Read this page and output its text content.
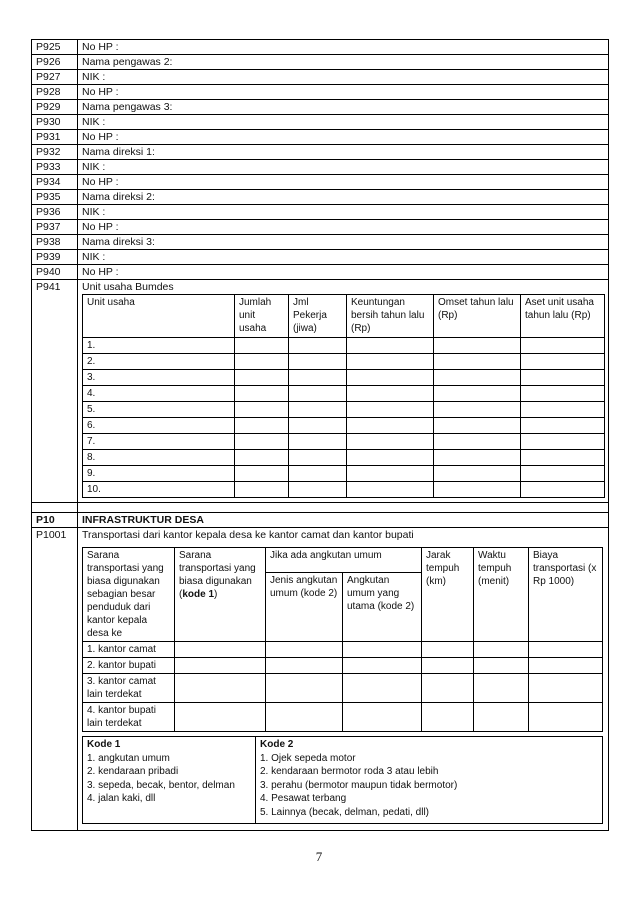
P925	No HP :
P926	Nama pengawas 2:
P927	NIK :
P928	No HP :
P929	Nama pengawas 3:
P930	NIK :
P931	No HP :
P932	Nama direksi 1:
P933	NIK :
P934	No HP :
P935	Nama direksi 2:
P936	NIK :
P937	No HP :
P938	Nama direksi 3:
P939	NIK :
P940	No HP :
P941	Unit usaha Bumdes
Unit usaha	Jumlah unit usaha	Jml Pekerja (jiwa)	Keuntungan bersih tahun lalu (Rp)	Omset tahun lalu (Rp)	Aset unit usaha tahun lalu (Rp)
1.					
2.					
3.					
4.					
5.					
6.					
7.					
8.					
9.					
10.					
P10	INFRASTRUKTUR DESA
P1001	Transportasi dari kantor kepala desa ke kantor camat dan kantor bupati
Sarana transportasi yang biasa digunakan sebagian besar penduduk dari kantor kepala desa ke	Sarana transportasi yang biasa digunakan (kode 1)	Jika ada angkutan umum		Jarak tempuh (km)	Waktu tempuh (menit)	Biaya transportasi (x Rp 1000)
		Jenis angkutan umum (kode 2)	Angkutan umum yang utama (kode 2)			
1. kantor camat						
2. kantor bupati						
3. kantor camat lain terdekat						
4. kantor bupati lain terdekat						
Kode 1
1. angkutan umum
2. kendaraan pribadi
3. sepeda, becak, bentor, delman
4. jalan kaki, dll

Kode 2
1. Ojek sepeda motor
2. kendaraan bermotor roda 3 atau lebih
3. perahu (bermotor maupun tidak bermotor)
4. Pesawat terbang
5. Lainnya (becak, delman, pedati, dll)
7
